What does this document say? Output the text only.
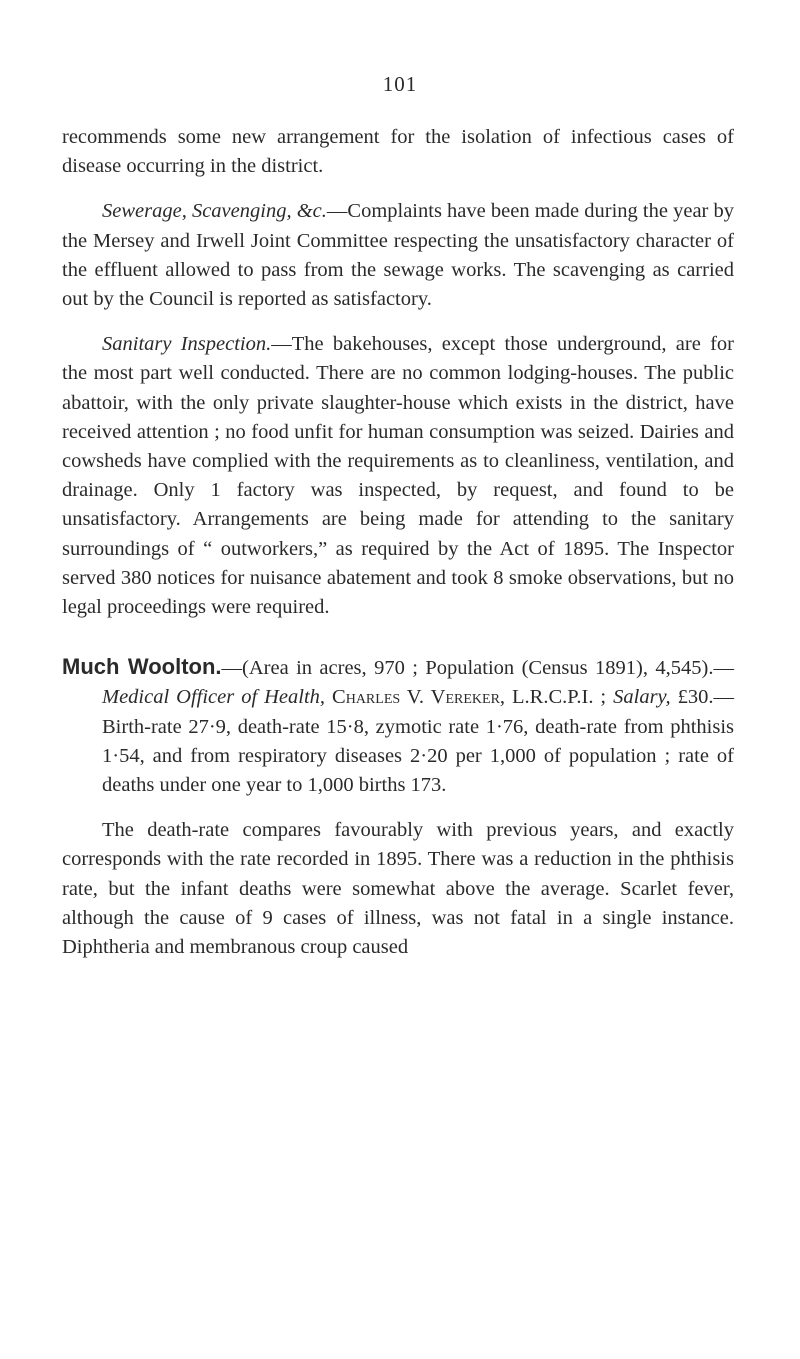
101

recommends some new arrangement for the isolation of infectious cases of disease occurring in the district.

Sewerage, Scavenging, &c.—Complaints have been made during the year by the Mersey and Irwell Joint Committee respecting the unsatisfactory character of the effluent allowed to pass from the sewage works. The scavenging as carried out by the Council is reported as satisfactory.

Sanitary Inspection.—The bakehouses, except those underground, are for the most part well conducted. There are no common lodging-houses. The public abattoir, with the only private slaughter-house which exists in the district, have received attention ; no food unfit for human consumption was seized. Dairies and cowsheds have complied with the requirements as to cleanliness, ventilation, and drainage. Only 1 factory was inspected, by request, and found to be unsatisfactory. Arrangements are being made for attending to the sanitary surroundings of “ outworkers,” as required by the Act of 1895. The Inspector served 380 notices for nuisance abatement and took 8 smoke observations, but no legal proceedings were required.

Much Woolton.—(Area in acres, 970 ; Population (Census 1891), 4,545).—Medical Officer of Health, Charles V. Vereker, L.R.C.P.I. ; Salary, £30.—Birth-rate 27·9, death-rate 15·8, zymotic rate 1·76, death-rate from phthisis 1·54, and from respiratory diseases 2·20 per 1,000 of population ; rate of deaths under one year to 1,000 births 173.

The death-rate compares favourably with previous years, and exactly corresponds with the rate recorded in 1895. There was a reduction in the phthisis rate, but the infant deaths were somewhat above the average. Scarlet fever, although the cause of 9 cases of illness, was not fatal in a single instance. Diphtheria and membranous croup caused
